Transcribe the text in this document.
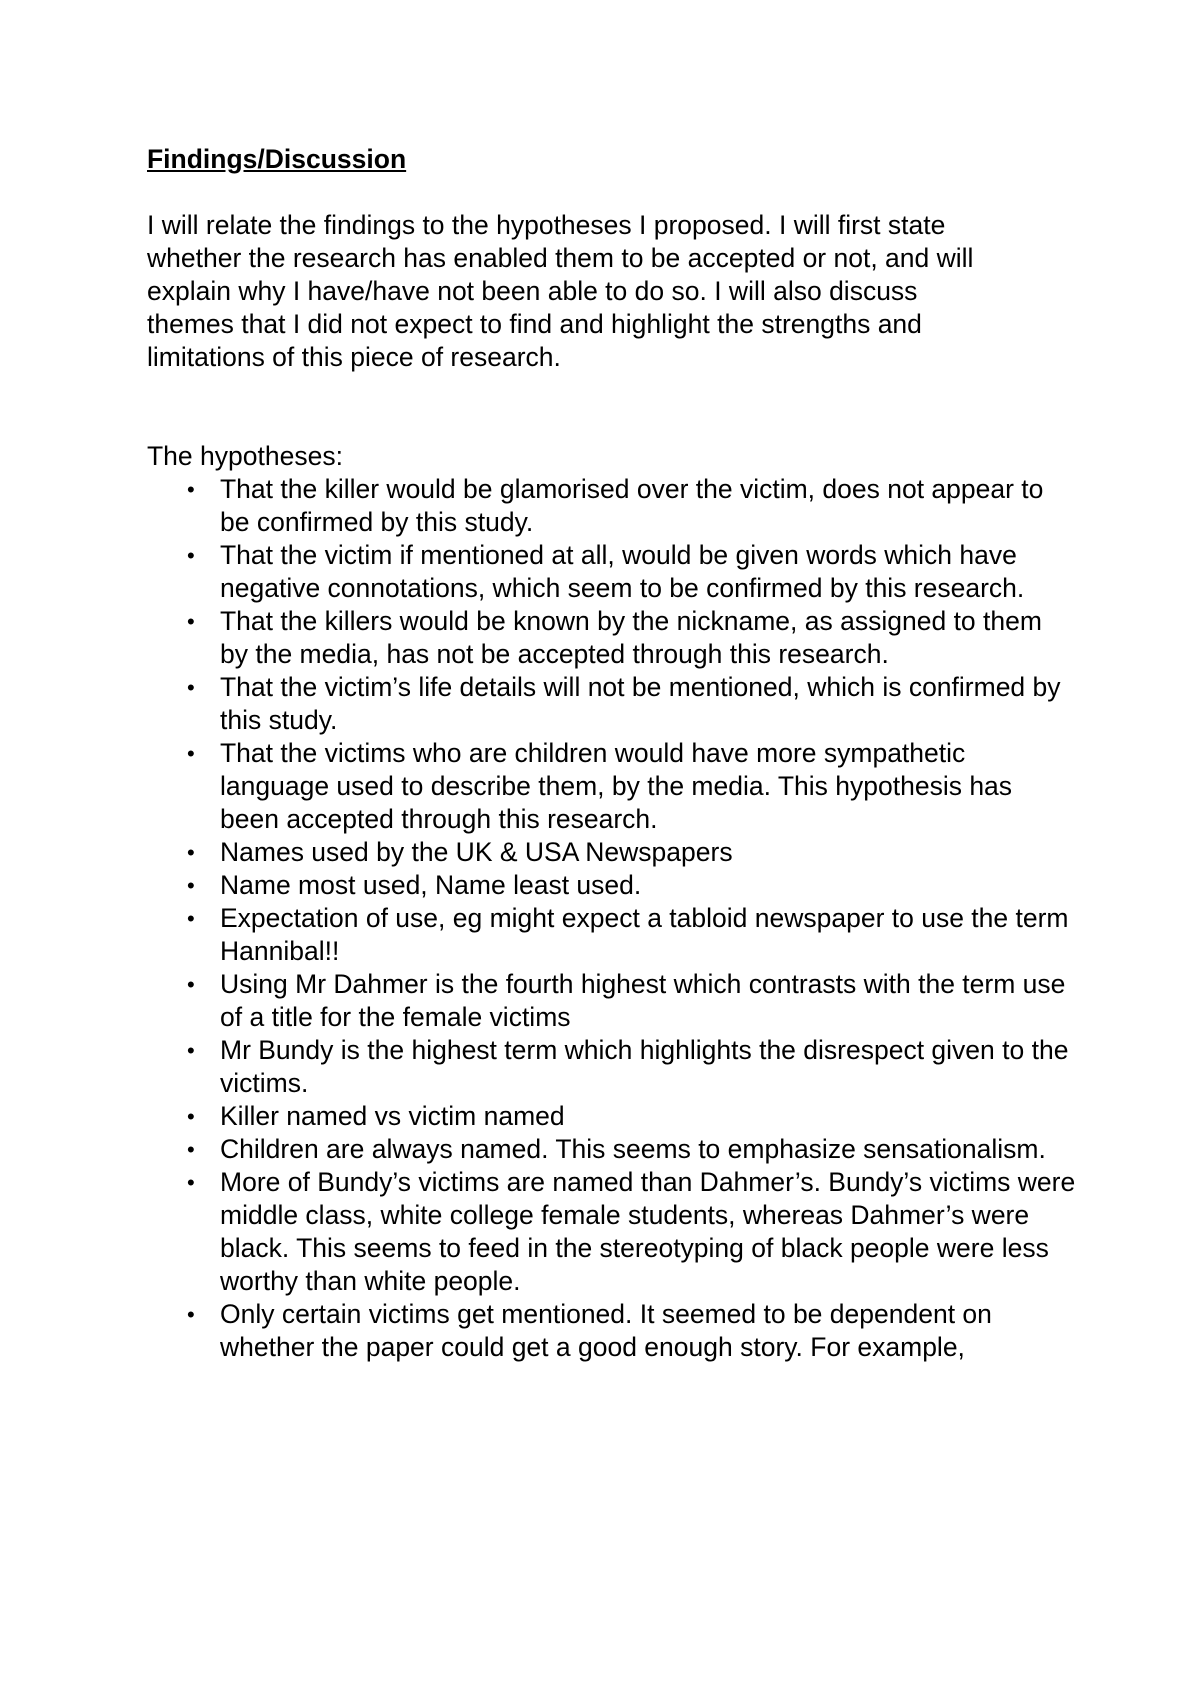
Findings/Discussion

I will relate the findings to the hypotheses I proposed. I will first state whether the research has enabled them to be accepted or not, and will explain why I have/have not been able to do so. I will also discuss themes that I did not expect to find and highlight the strengths and limitations of this piece of research.

The hypotheses:

• That the killer would be glamorised over the victim, does not appear to be confirmed by this study.
• That the victim if mentioned at all, would be given words which have negative connotations, which seem to be confirmed by this research.
• That the killers would be known by the nickname, as assigned to them by the media, has not be accepted through this research.
• That the victim’s life details will not be mentioned, which is confirmed by this study.
• That the victims who are children would have more sympathetic language used to describe them, by the media. This hypothesis has been accepted through this research.
• Names used by the UK & USA Newspapers
• Name most used, Name least used.
• Expectation of use, eg might expect a tabloid newspaper to use the term Hannibal!!
• Using Mr Dahmer is the fourth highest which contrasts with the term use of a title for the female victims
• Mr Bundy is the highest term which highlights the disrespect given to the victims.
• Killer named vs victim named
• Children are always named. This seems to emphasize sensationalism.
• More of Bundy’s victims are named than Dahmer’s. Bundy’s victims were middle class, white college female students, whereas Dahmer’s were black. This seems to feed in the stereotyping of black people were less worthy than white people.
• Only certain victims get mentioned. It seemed to be dependent on whether the paper could get a good enough story. For example,
